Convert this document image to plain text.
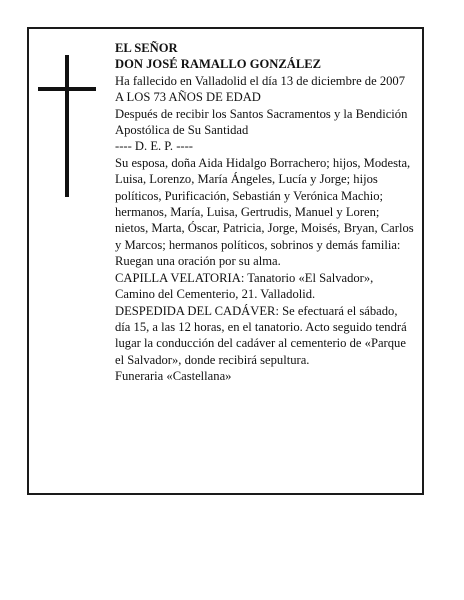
EL SEÑOR

DON JOSÉ RAMALLO GONZÁLEZ

Ha fallecido en Valladolid el día 13 de diciembre de 2007

A LOS 73 AÑOS DE EDAD

Después de recibir los Santos Sacramentos y la Bendición Apostólica de Su Santidad

---- D. E. P. ----

Su esposa, doña Aida Hidalgo Borrachero; hijos, Modesta, Luisa, Lorenzo, María Ángeles, Lucía y Jorge; hijos políticos, Purificación, Sebastián y Verónica Machio; hermanos, María, Luisa, Gertrudis, Manuel y Loren; nietos, Marta, Óscar, Patricia, Jorge, Moisés, Bryan, Carlos y Marcos; hermanos políticos, sobrinos y demás familia:

Ruegan una oración por su alma.

CAPILLA VELATORIA: Tanatorio «El Salvador», Camino del Cementerio, 21. Valladolid.

DESPEDIDA DEL CADÁVER: Se efectuará el sábado, día 15, a las 12 horas, en el tanatorio. Acto seguido tendrá lugar la conducción del cadáver al cementerio de «Parque el Salvador», donde recibirá sepultura.

Funeraria «Castellana»
